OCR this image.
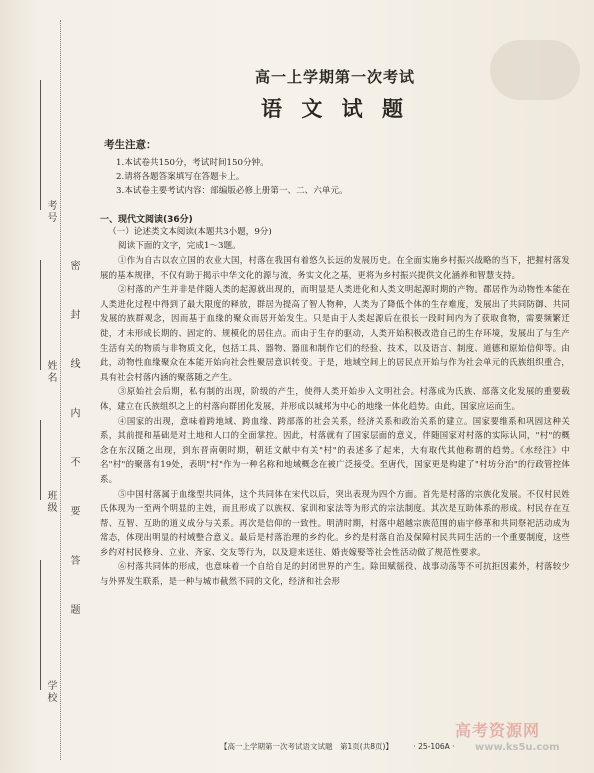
考号
姓名
班级
学校
密 封 线 内 不 要 答 题
高一上学期第一次考试
语 文 试 题
考生注意：
1.本试卷共150分，考试时间150分钟。
2.请将各题答案填写在答题卡上。
3.本试卷主要考试内容：部编版必修上册第一、二、六单元。
一、现代文阅读(36分)
（一）论述类文本阅读(本题共3小题，9分)
阅读下面的文字，完成1～3题。

①作为自古以农立国的农业大国，村落在我国有着悠久长远的发展历史。在全面实施乡村振兴战略的当下，把握村落发展的基本规律，不仅有助于揭示中华文化的源与流，务实文化之基，更将为乡村振兴提供文化涵养和智慧支持。

②村落的产生并非是伴随人类的起源就出现的，而明显是人类进化和人类文明起源时期的产物。郡居作为动物性本能在人类进化过程中得到了最大限度的释放，群居为提高了智人物种，人类为了降低个体的生存难度，发展出了共同防御、共同发展的族群观念，因而基于血缘的聚众而居开始发生。只是由于人类起源后在很长一段时间内为了获取食物，需要频繁迁徙，才未形成长期的、固定的、规模化的居住点。而由于生存的驱动，人类开始积极改造自己的生存环境，发展出了与生产生活有关的物质与非物质文化，包括工具、器物、器皿和制作它们的经验、技术，以及语言、制度、道德和原始信仰等。由此，动物性血缘聚众在本能开始向社会性聚居意识转变。于是，地域空间上的居民点开始与作为社会单元的氏族组织重合，具有社会村落内涵的聚落随之产生。

③原始社会后期，私有制的出现，阶级的产生，使得人类开始步入文明社会。村落成为氏族、部落文化发展的重要载体，建立在氏族组织之上的村落向群团化发展，并形成以城邦为中心的地缘一体化趋势。由此，国家应运而生。

④国家的出现，意味着跨地域、跨血缘、跨部落的社会关系，经济关系和政治关系的建立。国家要维系和巩固这种关系，其前提和基础是对土地和人口的全面掌控。因此，村落就有了国家层面的意义，伴随国家对村落的实际认同，"村"的概念在东汉随之出现，到东晋南朝时期，朝廷文献中有关"村"的表述多了起来，大有取代其他称谓的趋势。《水经注》中名"村"的聚落有19处，表明"村"作为一种名称和地域概念在被广泛接受。至唐代，国家更是构建了"村坊分治"的行政管控体系。

⑤中国村落属于血缘型共同体，这个共同体在宋代以后，突出表现为四个方面。首先是村落的宗族化发展。不仅村民姓氏体现为一至两个明显的主姓，而且形成了以族权、家训和家法等为形式的宗法制度。其次是互助体系的形成。村民存在互帮、互智、互助的道义成分与关系。再次是信仰的一致性。明清时期，村落中超越宗族范围的庙宇修革和共同祭祀活动成为常态，体现出明显的村域整合意义。最后是村落治理的乡约化。乡约是村落自治及保障村民共同生活的一个重要制度，这些乡约对村民修身、立业、齐家、交友等行为，以及迎来送往、婚丧嫁娶等社会性活动做了规范性要求。

⑥村落共同体的形成，也意味着一个自给自足的封闭世界的产生。除田赋徭役、战事动荡等不可抗拒因素外，村落较少与外界发生联系，是一种与城市截然不同的文化，经济和社会形

【高一上学期第一次考试语文试题　第1页(共8页)】	· 25-106A ·
高考资源网
www.ks5u.com
